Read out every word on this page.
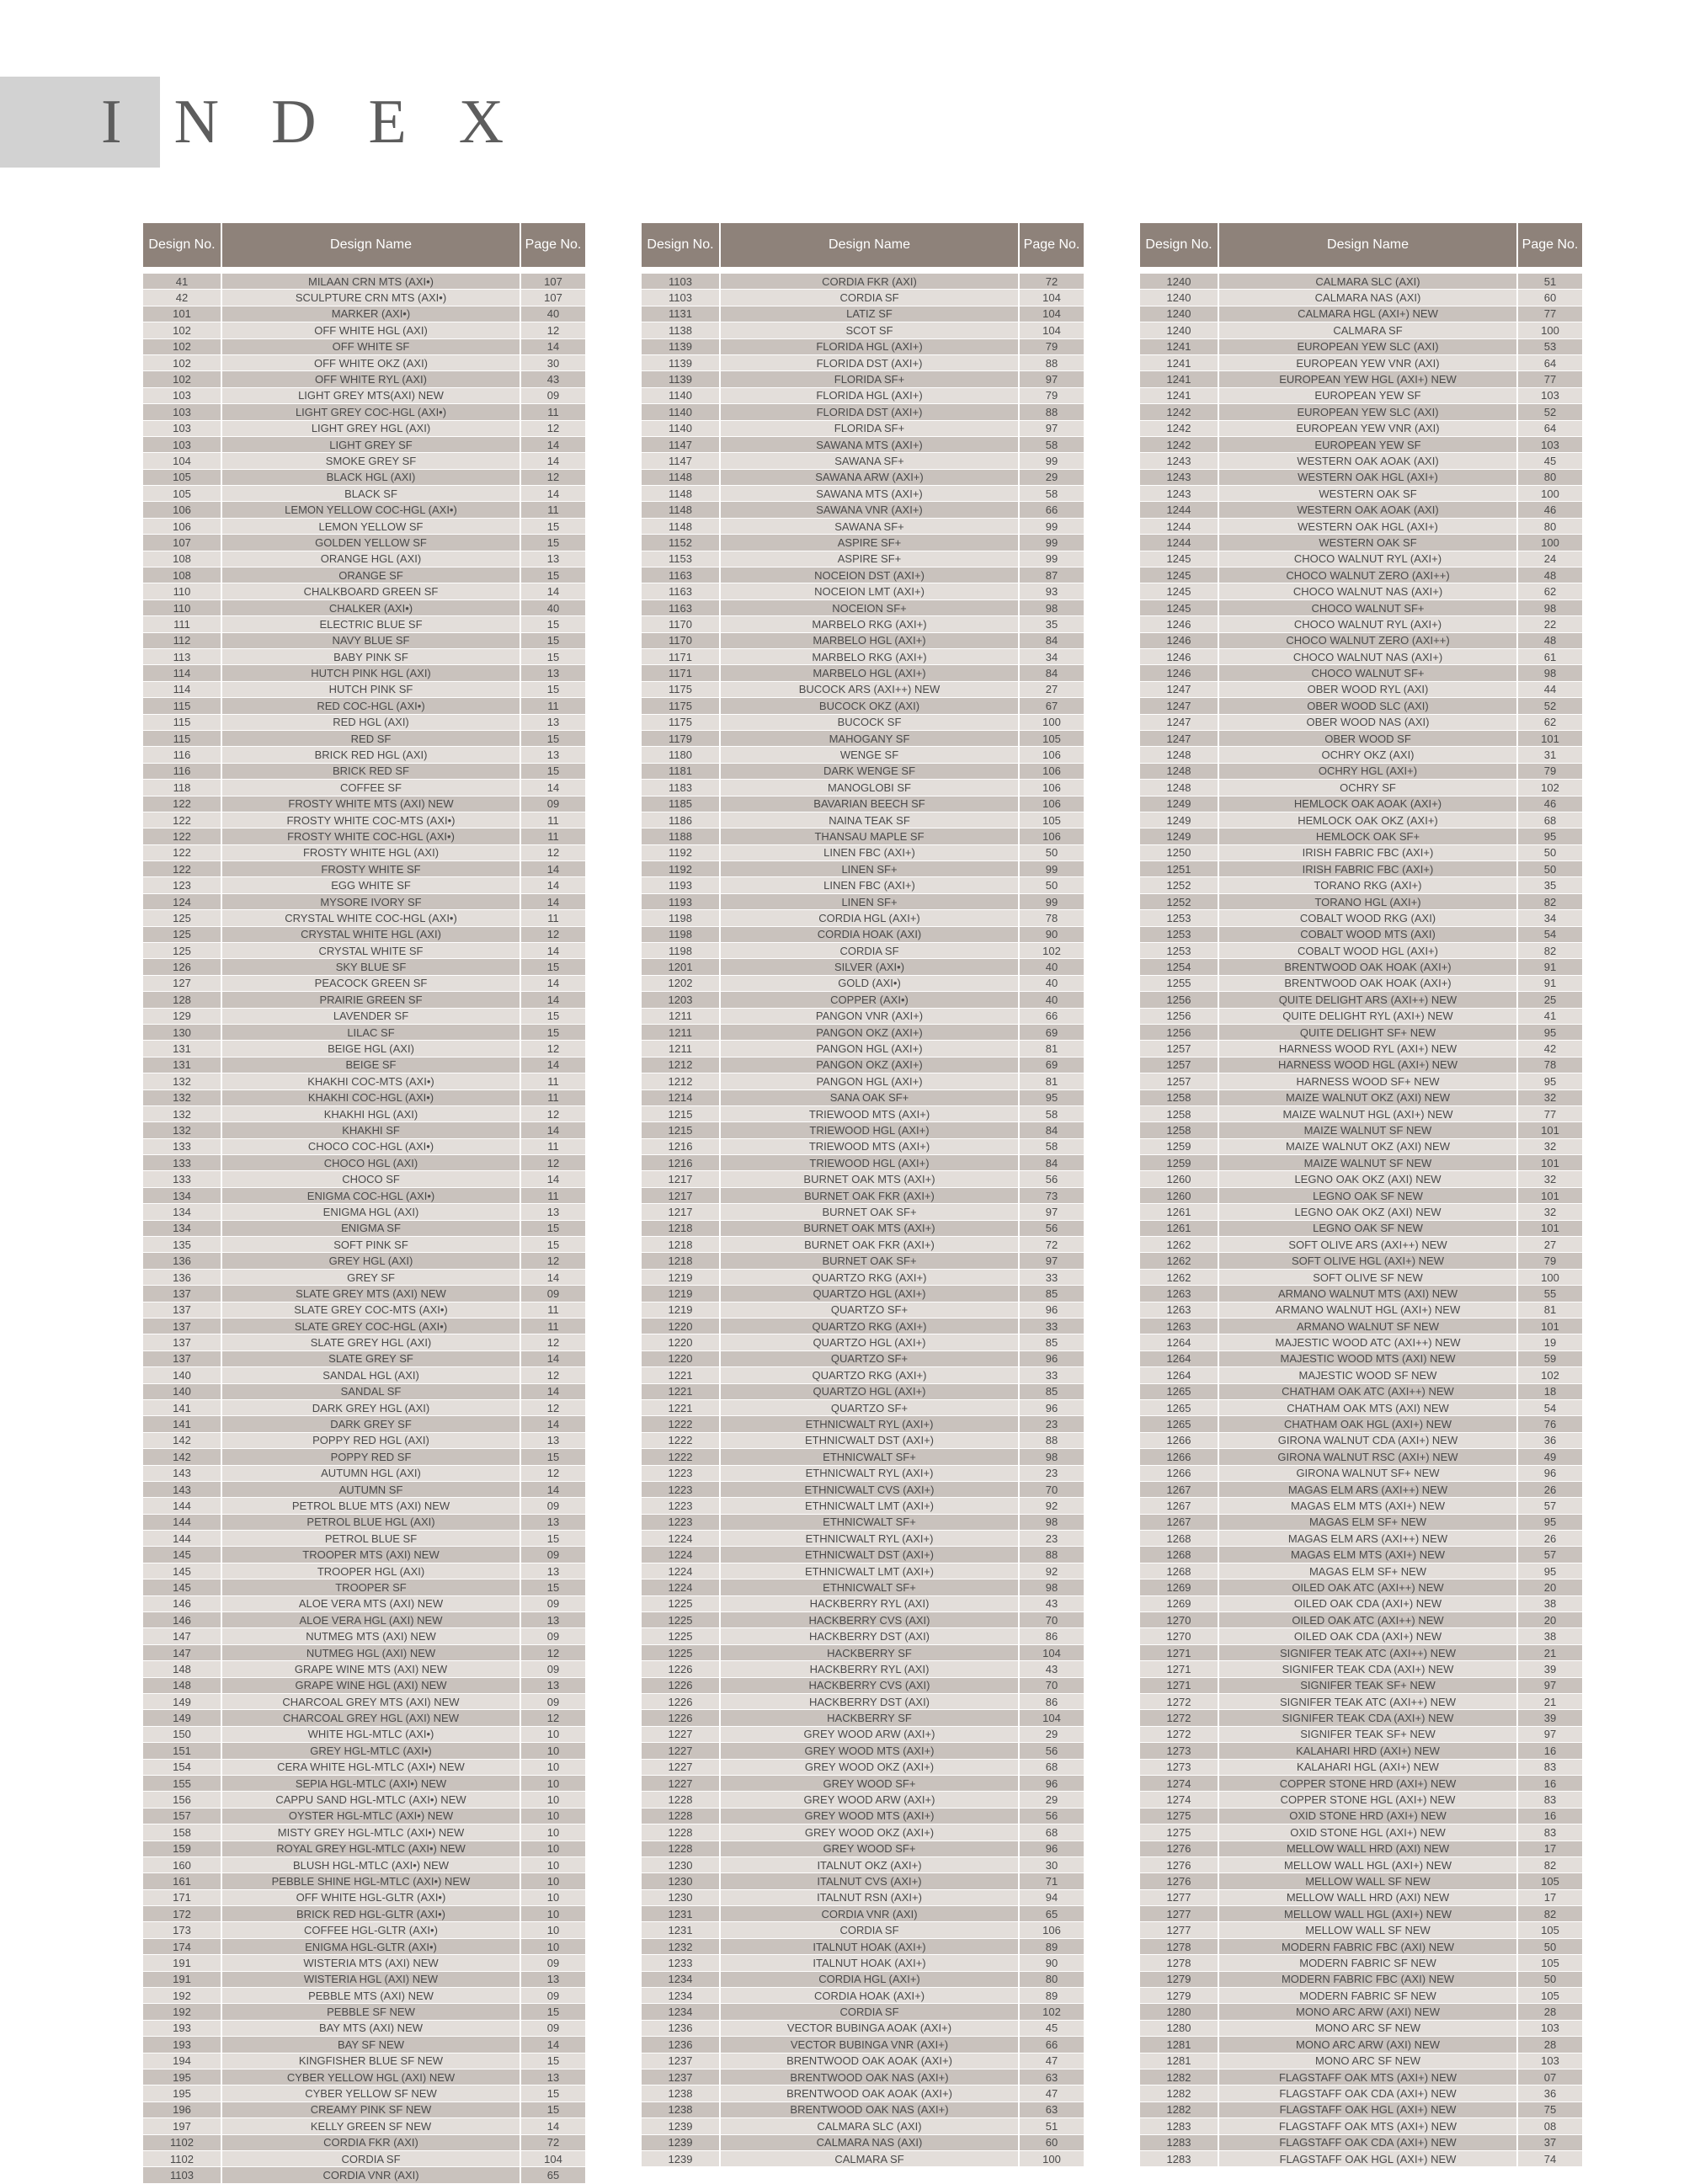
INDEX
Design No.	Design Name	Page No.

41	MILAAN CRN MTS (AXI•)	107
42	SCULPTURE CRN MTS (AXI•)	107
101	MARKER (AXI•)	40
102	OFF WHITE HGL (AXI)	12
102	OFF WHITE SF	14
102	OFF WHITE OKZ (AXI)	30
102	OFF WHITE RYL (AXI)	43
103	LIGHT GREY MTS(AXI) NEW	09
103	LIGHT GREY COC-HGL (AXI•)	11
103	LIGHT GREY HGL (AXI)	12
103	LIGHT GREY SF	14
104	SMOKE GREY SF	14
105	BLACK HGL (AXI)	12
105	BLACK SF	14
106	LEMON YELLOW COC-HGL (AXI•)	11
106	LEMON YELLOW SF	15
107	GOLDEN YELLOW SF	15
108	ORANGE HGL (AXI)	13
108	ORANGE SF	15
110	CHALKBOARD GREEN SF	14
110	CHALKER (AXI•)	40
111	ELECTRIC BLUE SF	15
112	NAVY BLUE SF	15
113	BABY PINK SF	15
114	HUTCH PINK HGL (AXI)	13
114	HUTCH PINK SF	15
115	RED COC-HGL (AXI•)	11
115	RED HGL (AXI)	13
115	RED SF	15
116	BRICK RED HGL (AXI)	13
116	BRICK RED SF	15
118	COFFEE SF	14
122	FROSTY WHITE MTS (AXI) NEW	09
122	FROSTY WHITE COC-MTS (AXI•)	11
122	FROSTY WHITE COC-HGL (AXI•)	11
122	FROSTY WHITE HGL (AXI)	12
122	FROSTY WHITE SF	14
123	EGG WHITE SF	14
124	MYSORE IVORY SF	14
125	CRYSTAL WHITE COC-HGL (AXI•)	11
125	CRYSTAL WHITE HGL (AXI)	12
125	CRYSTAL WHITE SF	14
126	SKY BLUE SF	15
127	PEACOCK GREEN SF	14
128	PRAIRIE GREEN SF	14
129	LAVENDER SF	15
130	LILAC SF	15
131	BEIGE HGL (AXI)	12
131	BEIGE SF	14
132	KHAKHI COC-MTS (AXI•)	11
132	KHAKHI COC-HGL (AXI•)	11
132	KHAKHI HGL (AXI)	12
132	KHAKHI SF	14
133	CHOCO COC-HGL (AXI•)	11
133	CHOCO HGL (AXI)	12
133	CHOCO SF	14
134	ENIGMA COC-HGL (AXI•)	11
134	ENIGMA HGL (AXI)	13
134	ENIGMA SF	15
135	SOFT PINK SF	15
136	GREY HGL (AXI)	12
136	GREY SF	14
137	SLATE GREY MTS (AXI) NEW	09
137	SLATE GREY COC-MTS (AXI•)	11
137	SLATE GREY COC-HGL (AXI•)	11
137	SLATE GREY HGL (AXI)	12
137	SLATE GREY SF	14
140	SANDAL HGL (AXI)	12
140	SANDAL SF	14
141	DARK GREY HGL (AXI)	12
141	DARK GREY SF	14
142	POPPY RED HGL (AXI)	13
142	POPPY RED SF	15
143	AUTUMN HGL (AXI)	12
143	AUTUMN SF	14
144	PETROL BLUE MTS (AXI) NEW	09
144	PETROL BLUE HGL (AXI)	13
144	PETROL BLUE SF	15
145	TROOPER MTS (AXI) NEW	09
145	TROOPER HGL (AXI)	13
145	TROOPER SF	15
146	ALOE VERA MTS (AXI) NEW	09
146	ALOE VERA HGL (AXI) NEW	13
147	NUTMEG MTS (AXI) NEW	09
147	NUTMEG HGL (AXI) NEW	12
148	GRAPE WINE MTS (AXI) NEW	09
148	GRAPE WINE HGL (AXI) NEW	13
149	CHARCOAL GREY MTS (AXI) NEW	09
149	CHARCOAL GREY HGL (AXI) NEW	12
150	WHITE HGL-MTLC (AXI•)	10
151	GREY HGL-MTLC (AXI•)	10
154	CERA WHITE HGL-MTLC (AXI•) NEW	10
155	SEPIA HGL-MTLC (AXI•) NEW	10
156	CAPPU SAND HGL-MTLC (AXI•) NEW	10
157	OYSTER HGL-MTLC (AXI•) NEW	10
158	MISTY GREY HGL-MTLC (AXI•) NEW	10
159	ROYAL GREY HGL-MTLC (AXI•) NEW	10
160	BLUSH HGL-MTLC (AXI•) NEW	10
161	PEBBLE SHINE HGL-MTLC (AXI•) NEW	10
171	OFF WHITE HGL-GLTR (AXI•)	10
172	BRICK RED HGL-GLTR (AXI•)	10
173	COFFEE HGL-GLTR (AXI•)	10
174	ENIGMA HGL-GLTR (AXI•)	10
191	WISTERIA MTS (AXI) NEW	09
191	WISTERIA HGL (AXI) NEW	13
192	PEBBLE MTS (AXI) NEW	09
192	PEBBLE SF NEW	15
193	BAY MTS (AXI) NEW	09
193	BAY SF NEW	14
194	KINGFISHER BLUE SF NEW	15
195	CYBER YELLOW HGL (AXI) NEW	13
195	CYBER YELLOW SF NEW	15
196	CREAMY PINK SF NEW	15
197	KELLY GREEN SF NEW	14
1102	CORDIA FKR (AXI)	72
1102	CORDIA SF	104
1103	CORDIA VNR (AXI)	65
Design No.	Design Name	Page No.

1103	CORDIA FKR (AXI)	72
1103	CORDIA SF	104
1131	LATIZ SF	104
1138	SCOT SF	104
1139	FLORIDA HGL (AXI+)	79
1139	FLORIDA DST (AXI+)	88
1139	FLORIDA SF+	97
1140	FLORIDA HGL (AXI+)	79
1140	FLORIDA DST (AXI+)	88
1140	FLORIDA SF+	97
1147	SAWANA MTS (AXI+)	58
1147	SAWANA SF+	99
1148	SAWANA ARW (AXI+)	29
1148	SAWANA MTS (AXI+)	58
1148	SAWANA VNR (AXI+)	66
1148	SAWANA SF+	99
1152	ASPIRE SF+	99
1153	ASPIRE SF+	99
1163	NOCEION DST (AXI+)	87
1163	NOCEION LMT (AXI+)	93
1163	NOCEION SF+	98
1170	MARBELO RKG (AXI+)	35
1170	MARBELO HGL (AXI+)	84
1171	MARBELO RKG (AXI+)	34
1171	MARBELO HGL (AXI+)	84
1175	BUCOCK ARS (AXI++) NEW	27
1175	BUCOCK OKZ (AXI)	67
1175	BUCOCK SF	100
1179	MAHOGANY SF	105
1180	WENGE SF	106
1181	DARK WENGE SF	106
1183	MANOGLOBI SF	106
1185	BAVARIAN BEECH SF	106
1186	NAINA TEAK SF	105
1188	THANSAU MAPLE SF	106
1192	LINEN FBC (AXI+)	50
1192	LINEN SF+	99
1193	LINEN FBC (AXI+)	50
1193	LINEN SF+	99
1198	CORDIA HGL (AXI+)	78
1198	CORDIA HOAK (AXI)	90
1198	CORDIA SF	102
1201	SILVER (AXI•)	40
1202	GOLD (AXI•)	40
1203	COPPER (AXI•)	40
1211	PANGON VNR (AXI+)	66
1211	PANGON OKZ (AXI+)	69
1211	PANGON HGL (AXI+)	81
1212	PANGON OKZ (AXI+)	69
1212	PANGON HGL (AXI+)	81
1214	SANA OAK SF+	95
1215	TRIEWOOD MTS (AXI+)	58
1215	TRIEWOOD HGL (AXI+)	84
1216	TRIEWOOD MTS (AXI+)	58
1216	TRIEWOOD HGL (AXI+)	84
1217	BURNET OAK MTS (AXI+)	56
1217	BURNET OAK FKR (AXI+)	73
1217	BURNET OAK SF+	97
1218	BURNET OAK MTS (AXI+)	56
1218	BURNET OAK FKR (AXI+)	72
1218	BURNET OAK SF+	97
1219	QUARTZO RKG (AXI+)	33
1219	QUARTZO HGL (AXI+)	85
1219	QUARTZO SF+	96
1220	QUARTZO RKG (AXI+)	33
1220	QUARTZO HGL (AXI+)	85
1220	QUARTZO SF+	96
1221	QUARTZO RKG (AXI+)	33
1221	QUARTZO HGL (AXI+)	85
1221	QUARTZO SF+	96
1222	ETHNICWALT RYL (AXI+)	23
1222	ETHNICWALT DST (AXI+)	88
1222	ETHNICWALT SF+	98
1223	ETHNICWALT RYL (AXI+)	23
1223	ETHNICWALT CVS (AXI+)	70
1223	ETHNICWALT LMT (AXI+)	92
1223	ETHNICWALT SF+	98
1224	ETHNICWALT RYL (AXI+)	23
1224	ETHNICWALT DST (AXI+)	88
1224	ETHNICWALT LMT (AXI+)	92
1224	ETHNICWALT SF+	98
1225	HACKBERRY RYL (AXI)	43
1225	HACKBERRY CVS (AXI)	70
1225	HACKBERRY DST (AXI)	86
1225	HACKBERRY SF	104
1226	HACKBERRY RYL (AXI)	43
1226	HACKBERRY CVS (AXI)	70
1226	HACKBERRY DST (AXI)	86
1226	HACKBERRY SF	104
1227	GREY WOOD ARW (AXI+)	29
1227	GREY WOOD MTS (AXI+)	56
1227	GREY WOOD OKZ (AXI+)	68
1227	GREY WOOD SF+	96
1228	GREY WOOD ARW (AXI+)	29
1228	GREY WOOD MTS (AXI+)	56
1228	GREY WOOD OKZ (AXI+)	68
1228	GREY WOOD SF+	96
1230	ITALNUT OKZ (AXI+)	30
1230	ITALNUT CVS (AXI+)	71
1230	ITALNUT RSN (AXI+)	94
1231	CORDIA VNR (AXI)	65
1231	CORDIA SF	106
1232	ITALNUT HOAK (AXI+)	89
1233	ITALNUT HOAK (AXI+)	90
1234	CORDIA HGL (AXI+)	80
1234	CORDIA HOAK (AXI+)	89
1234	CORDIA SF	102
1236	VECTOR BUBINGA AOAK (AXI+)	45
1236	VECTOR BUBINGA VNR (AXI+)	66
1237	BRENTWOOD OAK AOAK (AXI+)	47
1237	BRENTWOOD OAK NAS (AXI+)	63
1238	BRENTWOOD OAK AOAK (AXI+)	47
1238	BRENTWOOD OAK NAS (AXI+)	63
1239	CALMARA SLC (AXI)	51
1239	CALMARA NAS (AXI)	60
1239	CALMARA SF	100
Design No.	Design Name	Page No.

1240	CALMARA SLC (AXI)	51
1240	CALMARA NAS (AXI)	60
1240	CALMARA HGL (AXI+) NEW	77
1240	CALMARA SF	100
1241	EUROPEAN YEW SLC (AXI)	53
1241	EUROPEAN YEW VNR (AXI)	64
1241	EUROPEAN YEW HGL (AXI+) NEW	77
1241	EUROPEAN YEW SF	103
1242	EUROPEAN YEW SLC (AXI)	52
1242	EUROPEAN YEW VNR (AXI)	64
1242	EUROPEAN YEW SF	103
1243	WESTERN OAK AOAK (AXI)	45
1243	WESTERN OAK HGL (AXI+)	80
1243	WESTERN OAK SF	100
1244	WESTERN OAK AOAK (AXI)	46
1244	WESTERN OAK HGL (AXI+)	80
1244	WESTERN OAK SF	100
1245	CHOCO WALNUT RYL (AXI+)	24
1245	CHOCO WALNUT ZERO (AXI++)	48
1245	CHOCO WALNUT NAS (AXI+)	62
1245	CHOCO WALNUT SF+	98
1246	CHOCO WALNUT RYL (AXI+)	22
1246	CHOCO WALNUT ZERO (AXI++)	48
1246	CHOCO WALNUT NAS (AXI+)	61
1246	CHOCO WALNUT SF+	98
1247	OBER WOOD RYL (AXI)	44
1247	OBER WOOD SLC (AXI)	52
1247	OBER WOOD NAS (AXI)	62
1247	OBER WOOD SF	101
1248	OCHRY OKZ (AXI)	31
1248	OCHRY HGL (AXI+)	79
1248	OCHRY SF	102
1249	HEMLOCK OAK AOAK (AXI+)	46
1249	HEMLOCK OAK OKZ (AXI+)	68
1249	HEMLOCK OAK SF+	95
1250	IRISH FABRIC FBC (AXI+)	50
1251	IRISH FABRIC FBC (AXI+)	50
1252	TORANO RKG (AXI+)	35
1252	TORANO HGL (AXI+)	82
1253	COBALT WOOD RKG (AXI)	34
1253	COBALT WOOD MTS (AXI)	54
1253	COBALT WOOD HGL (AXI+)	82
1254	BRENTWOOD OAK HOAK (AXI+)	91
1255	BRENTWOOD OAK HOAK (AXI+)	91
1256	QUITE DELIGHT ARS (AXI++) NEW	25
1256	QUITE DELIGHT RYL (AXI+) NEW	41
1256	QUITE DELIGHT SF+ NEW	95
1257	HARNESS WOOD RYL (AXI+) NEW	42
1257	HARNESS WOOD HGL (AXI+) NEW	78
1257	HARNESS WOOD SF+ NEW	95
1258	MAIZE WALNUT OKZ (AXI) NEW	32
1258	MAIZE WALNUT HGL (AXI+) NEW	77
1258	MAIZE WALNUT SF NEW	101
1259	MAIZE WALNUT OKZ (AXI) NEW	32
1259	MAIZE WALNUT SF NEW	101
1260	LEGNO OAK OKZ (AXI) NEW	32
1260	LEGNO OAK SF NEW	101
1261	LEGNO OAK OKZ (AXI) NEW	32
1261	LEGNO OAK SF NEW	101
1262	SOFT OLIVE ARS (AXI++) NEW	27
1262	SOFT OLIVE HGL (AXI+) NEW	79
1262	SOFT OLIVE SF NEW	100
1263	ARMANO WALNUT MTS (AXI) NEW	55
1263	ARMANO WALNUT HGL (AXI+) NEW	81
1263	ARMANO WALNUT SF NEW	101
1264	MAJESTIC WOOD ATC (AXI++) NEW	19
1264	MAJESTIC WOOD MTS (AXI) NEW	59
1264	MAJESTIC WOOD SF NEW	102
1265	CHATHAM OAK ATC (AXI++) NEW	18
1265	CHATHAM OAK MTS (AXI) NEW	54
1265	CHATHAM OAK HGL (AXI+) NEW	76
1266	GIRONA WALNUT CDA (AXI+) NEW	36
1266	GIRONA WALNUT RSC (AXI+) NEW	49
1266	GIRONA WALNUT SF+ NEW	96
1267	MAGAS ELM ARS (AXI++) NEW	26
1267	MAGAS ELM MTS (AXI+) NEW	57
1267	MAGAS ELM SF+ NEW	95
1268	MAGAS ELM ARS (AXI++) NEW	26
1268	MAGAS ELM MTS (AXI+) NEW	57
1268	MAGAS ELM SF+ NEW	95
1269	OILED OAK ATC (AXI++) NEW	20
1269	OILED OAK CDA (AXI+) NEW	38
1270	OILED OAK ATC (AXI++) NEW	20
1270	OILED OAK CDA (AXI+) NEW	38
1271	SIGNIFER TEAK ATC (AXI++) NEW	21
1271	SIGNIFER TEAK CDA (AXI+) NEW	39
1271	SIGNIFER TEAK SF+ NEW	97
1272	SIGNIFER TEAK ATC (AXI++) NEW	21
1272	SIGNIFER TEAK CDA (AXI+) NEW	39
1272	SIGNIFER TEAK SF+ NEW	97
1273	KALAHARI HRD (AXI+) NEW	16
1273	KALAHARI HGL (AXI+) NEW	83
1274	COPPER STONE HRD (AXI+) NEW	16
1274	COPPER STONE HGL (AXI+) NEW	83
1275	OXID STONE HRD (AXI+) NEW	16
1275	OXID STONE HGL (AXI+) NEW	83
1276	MELLOW WALL HRD (AXI) NEW	17
1276	MELLOW WALL HGL (AXI+) NEW	82
1276	MELLOW WALL SF NEW	105
1277	MELLOW WALL HRD (AXI) NEW	17
1277	MELLOW WALL HGL (AXI+) NEW	82
1277	MELLOW WALL SF NEW	105
1278	MODERN FABRIC FBC (AXI) NEW	50
1278	MODERN FABRIC SF NEW	105
1279	MODERN FABRIC FBC (AXI) NEW	50
1279	MODERN FABRIC SF NEW	105
1280	MONO ARC ARW (AXI) NEW	28
1280	MONO ARC SF NEW	103
1281	MONO ARC ARW (AXI) NEW	28
1281	MONO ARC SF NEW	103
1282	FLAGSTAFF OAK MTS (AXI+) NEW	07
1282	FLAGSTAFF OAK CDA (AXI+) NEW	36
1282	FLAGSTAFF OAK HGL (AXI+) NEW	75
1283	FLAGSTAFF OAK MTS (AXI+) NEW	08
1283	FLAGSTAFF OAK CDA (AXI+) NEW	37
1283	FLAGSTAFF OAK HGL (AXI+) NEW	74
